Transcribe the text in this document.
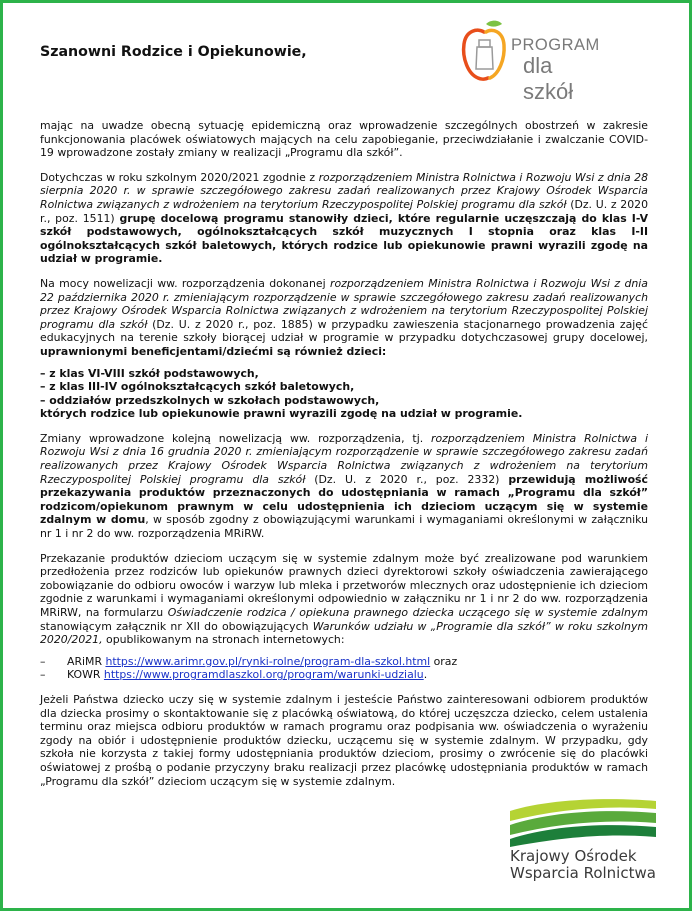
Szanowni Rodzice i Opiekunowie,	PROGRAM
dla szkół

mając na uwadze obecną sytuację epidemiczną oraz wprowadzenie szczególnych obostrzeń w zakresie funkcjonowania placówek oświatowych mających na celu zapobieganie, przeciwdziałanie i zwalczanie COVID-19 wprowadzone zostały zmiany w realizacji „Programu dla szkół”.

Dotychczas w roku szkolnym 2020/2021 zgodnie z rozporządzeniem Ministra Rolnictwa i Rozwoju Wsi z dnia 28 sierpnia 2020 r. w sprawie szczegółowego zakresu zadań realizowanych przez Krajowy Ośrodek Wsparcia Rolnictwa związanych z wdrożeniem na terytorium Rzeczypospolitej Polskiej programu dla szkół (Dz. U. z 2020 r., poz. 1511) grupę docelową programu stanowiły dzieci, które regularnie uczęszczają do klas I-V szkół podstawowych, ogólnokształcących szkół muzycznych I stopnia oraz klas I-II ogólnokształcących szkół baletowych, których rodzice lub opiekunowie prawni wyrazili zgodę na udział w programie.

Na mocy nowelizacji ww. rozporządzenia dokonanej rozporządzeniem Ministra Rolnictwa i Rozwoju Wsi z dnia 22 października 2020 r. zmieniającym rozporządzenie w sprawie szczegółowego zakresu zadań realizowanych przez Krajowy Ośrodek Wsparcia Rolnictwa związanych z wdrożeniem na terytorium Rzeczypospolitej Polskiej programu dla szkół (Dz. U. z 2020 r., poz. 1885) w przypadku zawieszenia stacjonarnego prowadzenia zajęć edukacyjnych na terenie szkoły biorącej udział w programie w przypadku dotychczasowej grupy docelowej, uprawnionymi beneficjentami/dziećmi są również dzieci:

– z klas VI-VIII szkół podstawowych,
– z klas III-IV ogólnokształcących szkół baletowych,
– oddziałów przedszkolnych w szkołach podstawowych,
których rodzice lub opiekunowie prawni wyrazili zgodę na udział w programie.

Zmiany wprowadzone kolejną nowelizacją ww. rozporządzenia, tj. rozporządzeniem Ministra Rolnictwa i Rozwoju Wsi z dnia 16 grudnia 2020 r. zmieniającym rozporządzenie w sprawie szczegółowego zakresu zadań realizowanych przez Krajowy Ośrodek Wsparcia Rolnictwa związanych z wdrożeniem na terytorium Rzeczypospolitej Polskiej programu dla szkół (Dz. U. z 2020 r., poz. 2332) przewidują możliwość przekazywania produktów przeznaczonych do udostępniania w ramach „Programu dla szkół” rodzicom/opiekunom prawnym w celu udostępnienia ich dzieciom uczącym się w systemie zdalnym w domu, w sposób zgodny z obowiązującymi warunkami i wymaganiami określonymi w załączniku nr 1 i nr 2 do ww. rozporządzenia MRiRW.

Przekazanie produktów dzieciom uczącym się w systemie zdalnym może być zrealizowane pod warunkiem przedłożenia przez rodziców lub opiekunów prawnych dzieci dyrektorowi szkoły oświadczenia zawierającego zobowiązanie do odbioru owoców i warzyw lub mleka i przetworów mlecznych oraz udostępnienie ich dzieciom zgodnie z warunkami i wymaganiami określonymi odpowiednio w załączniku nr 1 i nr 2 do ww. rozporządzenia MRiRW, na formularzu Oświadczenie rodzica / opiekuna prawnego dziecka uczącego się w systemie zdalnym stanowiącym załącznik nr XII do obowiązujących Warunków udziału w „Programie dla szkół” w roku szkolnym 2020/2021, opublikowanym na stronach internetowych:

– ARiMR https://www.arimr.gov.pl/rynki-rolne/program-dla-szkol.html oraz
– KOWR https://www.programdlaszkol.org/program/warunki-udzialu.

Jeżeli Państwa dziecko uczy się w systemie zdalnym i jesteście Państwo zainteresowani odbiorem produktów dla dziecka prosimy o skontaktowanie się z placówką oświatową, do której uczęszcza dziecko, celem ustalenia terminu oraz miejsca odbioru produktów w ramach programu oraz podpisania ww. oświadczenia o wyrażeniu zgody na obiór i udostępnienie produktów dziecku, uczącemu się w systemie zdalnym. W przypadku, gdy szkoła nie korzysta z takiej formy udostępniania produktów dzieciom, prosimy o zwrócenie się do placówki oświatowej z prośbą o podanie przyczyny braku realizacji przez placówkę udostępniania produktów w ramach „Programu dla szkół” dzieciom uczącym się w systemie zdalnym.

Krajowy Ośrodek
Wsparcia Rolnictwa
